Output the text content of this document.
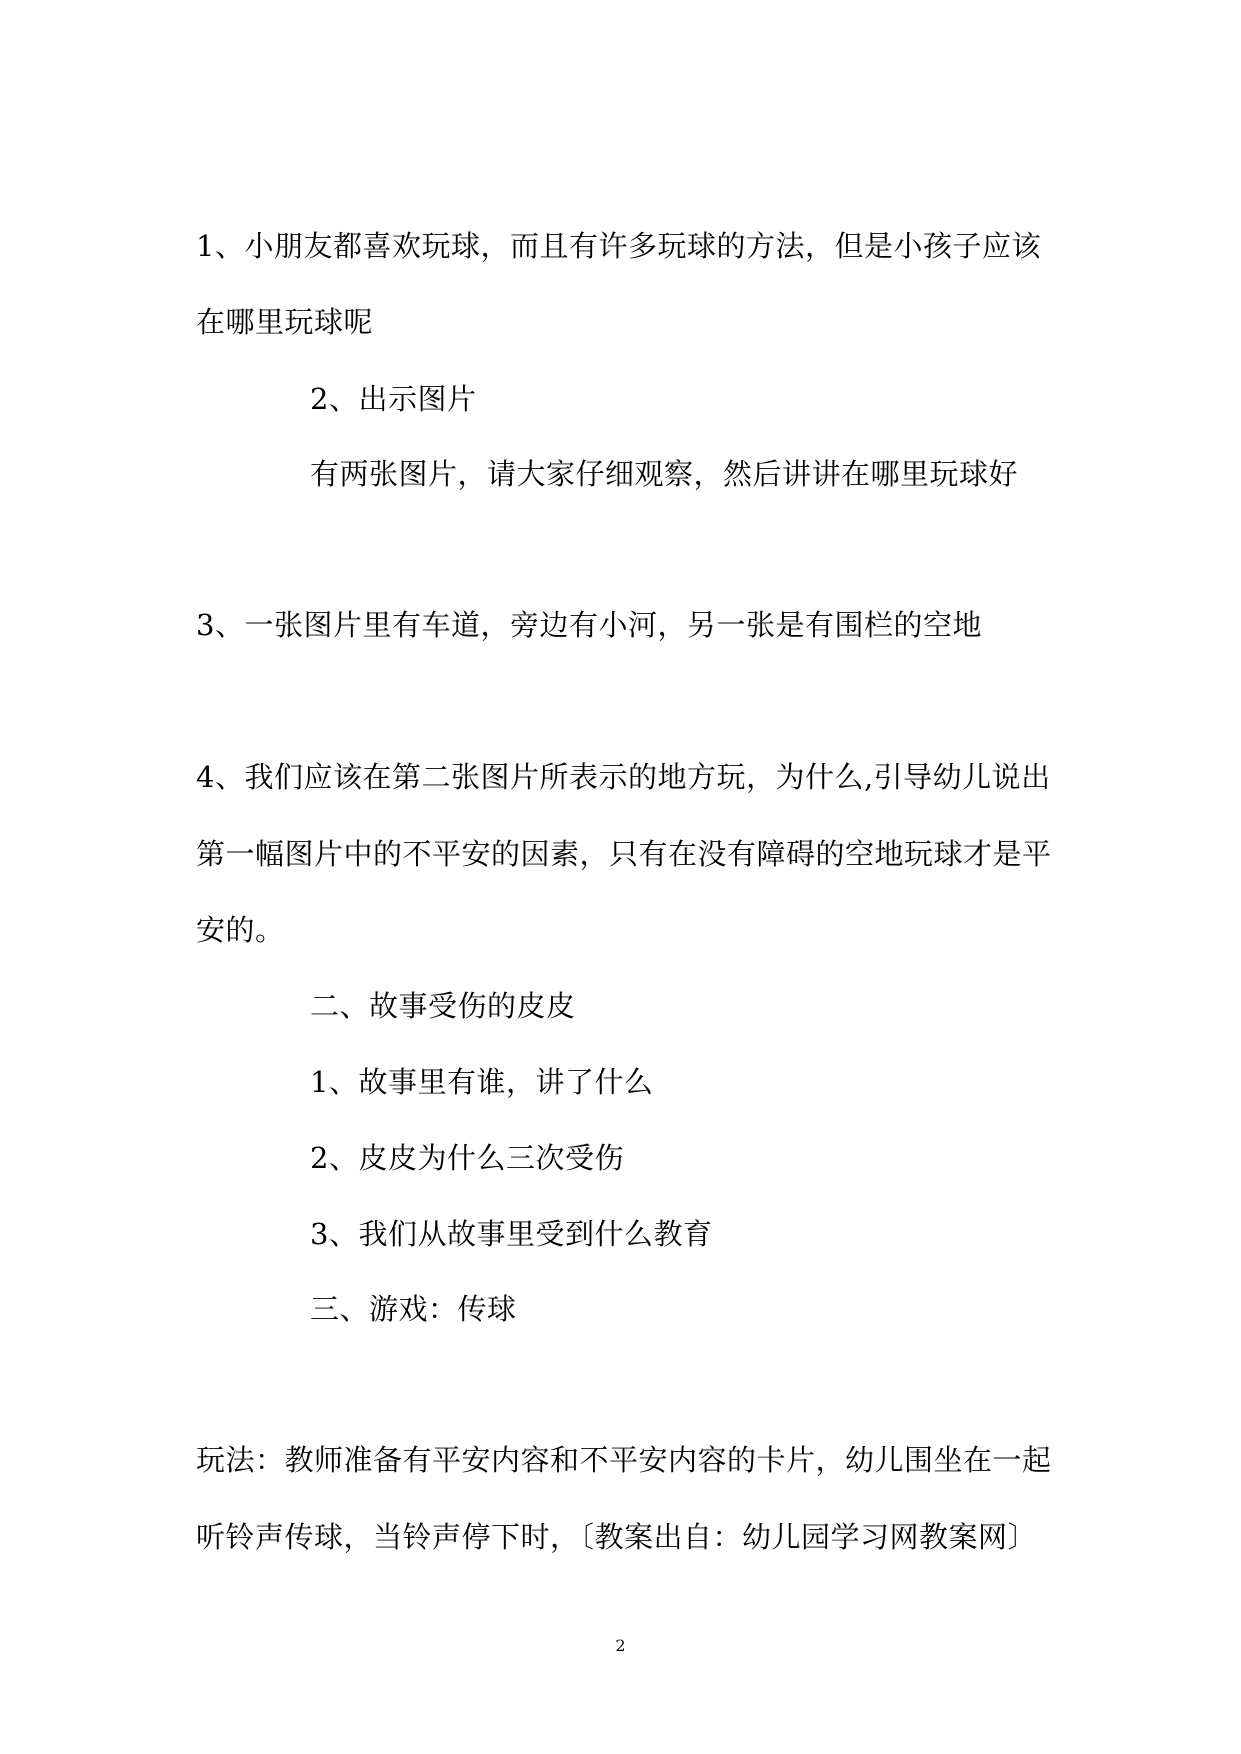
1、小朋友都喜欢玩球，而且有许多玩球的方法，但是小孩子应该
在哪里玩球呢
2、出示图片
有两张图片，请大家仔细观察，然后讲讲在哪里玩球好
3、一张图片里有车道，旁边有小河，另一张是有围栏的空地
4、我们应该在第二张图片所表示的地方玩，为什么,引导幼儿说出
第一幅图片中的不平安的因素，只有在没有障碍的空地玩球才是平
安的。
二、故事受伤的皮皮
1、故事里有谁，讲了什么
2、皮皮为什么三次受伤
3、我们从故事里受到什么教育
三、游戏：传球
玩法：教师准备有平安内容和不平安内容的卡片，幼儿围坐在一起
听铃声传球，当铃声停下时，〔教案出自：幼儿园学习网教案网〕
2
